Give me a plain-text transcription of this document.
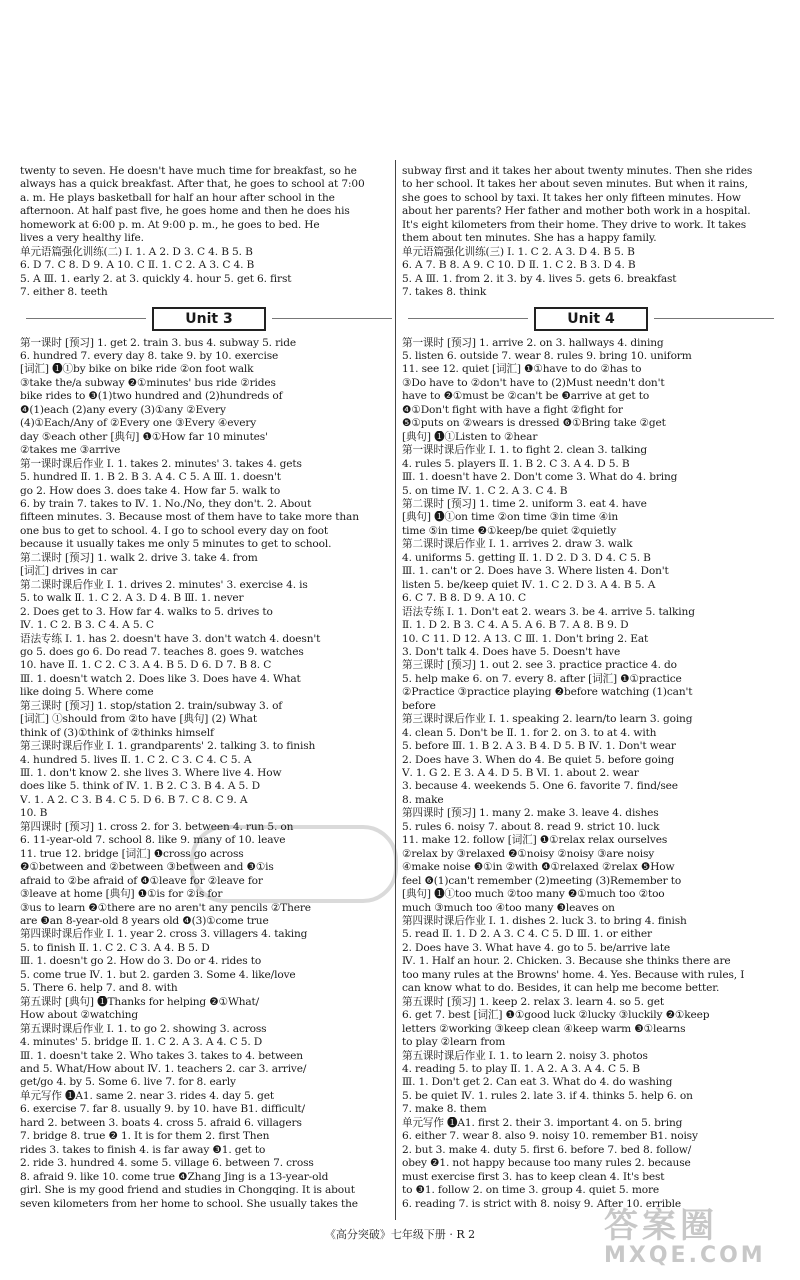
twenty to seven. He doesn't have much time for breakfast, so he
always has a quick breakfast. After that, he goes to school at 7:00
a. m. He plays basketball for half an hour after school in the
afternoon. At half past five, he goes home and then he does his
homework at 6:00 p. m. At 9:00 p. m., he goes to bed. He
lives a very healthy life.
单元语篇强化训练(二) Ⅰ. 1. A 2. D 3. C 4. B 5. B
6. D 7. C 8. D 9. A 10. C Ⅱ. 1. C 2. A 3. C 4. B
5. A Ⅲ. 1. early 2. at 3. quickly 4. hour 5. get 6. first
7. either 8. teeth
Unit 3
第一课时 [预习] 1. get 2. train 3. bus 4. subway 5. ride
6. hundred 7. every day 8. take 9. by 10. exercise
[词汇] ❶①by bike on bike ride ②on foot walk
③take the/a subway ❷①minutes' bus ride ②rides
bike rides to ❸(1)two hundred and (2)hundreds of
❹(1)each (2)any every (3)①any ②Every
(4)①Each/Any of ②Every one ③Every ④every
day ⑤each other [典句] ❶①How far 10 minutes'
②takes me ③arrive
第一课时课后作业 Ⅰ. 1. takes 2. minutes' 3. takes 4. gets
5. hundred Ⅱ. 1. B 2. B 3. A 4. C 5. A Ⅲ. 1. doesn't
go 2. How does 3. does take 4. How far 5. walk to
6. by train 7. takes to Ⅳ. 1. No./No, they don't. 2. About
fifteen minutes. 3. Because most of them have to take more than
one bus to get to school. 4. I go to school every day on foot
because it usually takes me only 5 minutes to get to school.
第二课时 [预习] 1. walk 2. drive 3. take 4. from
[词汇] drives in car
第二课时课后作业 Ⅰ. 1. drives 2. minutes' 3. exercise 4. is
5. to walk Ⅱ. 1. C 2. A 3. D 4. B Ⅲ. 1. never
2. Does get to 3. How far 4. walks to 5. drives to
Ⅳ. 1. C 2. B 3. C 4. A 5. C
语法专练 Ⅰ. 1. has 2. doesn't have 3. don't watch 4. doesn't
go 5. does go 6. Do read 7. teaches 8. goes 9. watches
10. have Ⅱ. 1. C 2. C 3. A 4. B 5. D 6. D 7. B 8. C
Ⅲ. 1. doesn't watch 2. Does like 3. Does have 4. What
like doing 5. Where come
第三课时 [预习] 1. stop/station 2. train/subway 3. of
[词汇] ①should from ②to have [典句] (2) What
think of (3)①think of ②thinks himself
第三课时课后作业 Ⅰ. 1. grandparents' 2. talking 3. to finish
4. hundred 5. lives Ⅱ. 1. C 2. C 3. C 4. C 5. A
Ⅲ. 1. don't know 2. she lives 3. Where live 4. How
does like 5. think of Ⅳ. 1. B 2. C 3. B 4. A 5. D
Ⅴ. 1. A 2. C 3. B 4. C 5. D 6. B 7. C 8. C 9. A
10. B
第四课时 [预习] 1. cross 2. for 3. between 4. run 5. on
6. 11-year-old 7. school 8. like 9. many of 10. leave
11. true 12. bridge [词汇] ❶cross go across
❷①between and ②between ③between and ❸①is
afraid to ②be afraid of ❹①leave for ②leave for
③leave at home [典句] ❶①is for ②is for
③us to learn ❷①there are no aren't any pencils ②There
are ❸an 8-year-old 8 years old ❹(3)①come true
第四课时课后作业 Ⅰ. 1. year 2. cross 3. villagers 4. taking
5. to finish Ⅱ. 1. C 2. C 3. A 4. B 5. D
Ⅲ. 1. doesn't go 2. How do 3. Do or 4. rides to
5. come true Ⅳ. 1. but 2. garden 3. Some 4. like/love
5. There 6. help 7. and 8. with
第五课时 [典句] ❶Thanks for helping ❷①What/
How about ②watching
第五课时课后作业 Ⅰ. 1. to go 2. showing 3. across
4. minutes' 5. bridge Ⅱ. 1. C 2. A 3. A 4. C 5. D
Ⅲ. 1. doesn't take 2. Who takes 3. takes to 4. between
and 5. What/How about Ⅳ. 1. teachers 2. car 3. arrive/
get/go 4. by 5. Some 6. live 7. for 8. early
单元写作 ❶A1. same 2. near 3. rides 4. day 5. get
6. exercise 7. far 8. usually 9. by 10. have B1. difficult/
hard 2. between 3. boats 4. cross 5. afraid 6. villagers
7. bridge 8. true ❷ 1. It is for them 2. first Then
rides 3. takes to finish 4. is far away ❸1. get to
2. ride 3. hundred 4. some 5. village 6. between 7. cross
8. afraid 9. like 10. come true ❹Zhang Jing is a 13-year-old
girl. She is my good friend and studies in Chongqing. It is about
seven kilometers from her home to school. She usually takes the
subway first and it takes her about twenty minutes. Then she rides
to her school. It takes her about seven minutes. But when it rains,
she goes to school by taxi. It takes her only fifteen minutes. How
about her parents? Her father and mother both work in a hospital.
It's eight kilometers from their home. They drive to work. It takes
them about ten minutes. She has a happy family.
单元语篇强化训练(三) Ⅰ. 1. C 2. A 3. D 4. B 5. B
6. A 7. B 8. A 9. C 10. D Ⅱ. 1. C 2. B 3. D 4. B
5. A Ⅲ. 1. from 2. it 3. by 4. lives 5. gets 6. breakfast
7. takes 8. think
Unit 4
第一课时 [预习] 1. arrive 2. on 3. hallways 4. dining
5. listen 6. outside 7. wear 8. rules 9. bring 10. uniform
11. see 12. quiet [词汇] ❶①have to do ②has to
③Do have to ②don't have to (2)Must needn't don't
have to ❷①must be ②can't be ❸arrive at get to
❹①Don't fight with have a fight ②fight for
❺①puts on ②wears is dressed ❻①Bring take ②get
[典句] ❶①Listen to ②hear
第一课时课后作业 Ⅰ. 1. to fight 2. clean 3. talking
4. rules 5. players Ⅱ. 1. B 2. C 3. A 4. D 5. B
Ⅲ. 1. doesn't have 2. Don't come 3. What do 4. bring
5. on time Ⅳ. 1. C 2. A 3. C 4. B
第二课时 [预习] 1. time 2. uniform 3. eat 4. have
[典句] ❶①on time ②on time ③in time ④in
time ⑤in time ❷①keep/be quiet ②quietly
第二课时课后作业 Ⅰ. 1. arrives 2. draw 3. walk
4. uniforms 5. getting Ⅱ. 1. D 2. D 3. D 4. C 5. B
Ⅲ. 1. can't or 2. Does have 3. Where listen 4. Don't
listen 5. be/keep quiet Ⅳ. 1. C 2. D 3. A 4. B 5. A
6. C 7. B 8. D 9. A 10. C
语法专练 Ⅰ. 1. Don't eat 2. wears 3. be 4. arrive 5. talking
Ⅱ. 1. D 2. B 3. C 4. A 5. A 6. B 7. A 8. B 9. D
10. C 11. D 12. A 13. C Ⅲ. 1. Don't bring 2. Eat
3. Don't talk 4. Does have 5. Doesn't have
第三课时 [预习] 1. out 2. see 3. practice practice 4. do
5. help make 6. on 7. every 8. after [词汇] ❶①practice
②Practice ③practice playing ❷before watching (1)can't
before
第三课时课后作业 Ⅰ. 1. speaking 2. learn/to learn 3. going
4. clean 5. Don't be Ⅱ. 1. for 2. on 3. to at 4. with
5. before Ⅲ. 1. B 2. A 3. B 4. D 5. B Ⅳ. 1. Don't wear
2. Does have 3. When do 4. Be quiet 5. before going
Ⅴ. 1. G 2. E 3. A 4. D 5. B Ⅵ. 1. about 2. wear
3. because 4. weekends 5. One 6. favorite 7. find/see
8. make
第四课时 [预习] 1. many 2. make 3. leave 4. dishes
5. rules 6. noisy 7. about 8. read 9. strict 10. luck
11. make 12. follow [词汇] ❶①relax relax ourselves
②relax by ③relaxed ❷①noisy ②noisy ③are noisy
④make noise ❸①in ②with ❹①relaxed ②relax ❺How
feel ❻(1)can't remember (2)meeting (3)Remember to
[典句] ❶①too much ②too many ❷①much too ②too
much ③much too ④too many ❸leaves on
第四课时课后作业 Ⅰ. 1. dishes 2. luck 3. to bring 4. finish
5. read Ⅱ. 1. D 2. A 3. C 4. C 5. D Ⅲ. 1. or either
2. Does have 3. What have 4. go to 5. be/arrive late
Ⅳ. 1. Half an hour. 2. Chicken. 3. Because she thinks there are
too many rules at the Browns' home. 4. Yes. Because with rules, I
can know what to do. Besides, it can help me become better.
第五课时 [预习] 1. keep 2. relax 3. learn 4. so 5. get
6. get 7. best [词汇] ❶①good luck ②lucky ③luckily ❷①keep
letters ②working ③keep clean ④keep warm ❸①learns
to play ②learn from
第五课时课后作业 Ⅰ. 1. to learn 2. noisy 3. photos
4. reading 5. to play Ⅱ. 1. A 2. A 3. A 4. C 5. B
Ⅲ. 1. Don't get 2. Can eat 3. What do 4. do washing
5. be quiet Ⅳ. 1. rules 2. late 3. if 4. thinks 5. help 6. on
7. make 8. them
单元写作 ❶A1. first 2. their 3. important 4. on 5. bring
6. either 7. wear 8. also 9. noisy 10. remember B1. noisy
2. but 3. make 4. duty 5. first 6. before 7. bed 8. follow/
obey ❷1. not happy because too many rules 2. because
must exercise first 3. has to keep clean 4. It's best
to ❸1. follow 2. on time 3. group 4. quiet 5. more
6. reading 7. is strict with 8. noisy 9. After 10. errible
《高分突破》七年级下册 · R 2	答案圈
MXQE.COM
